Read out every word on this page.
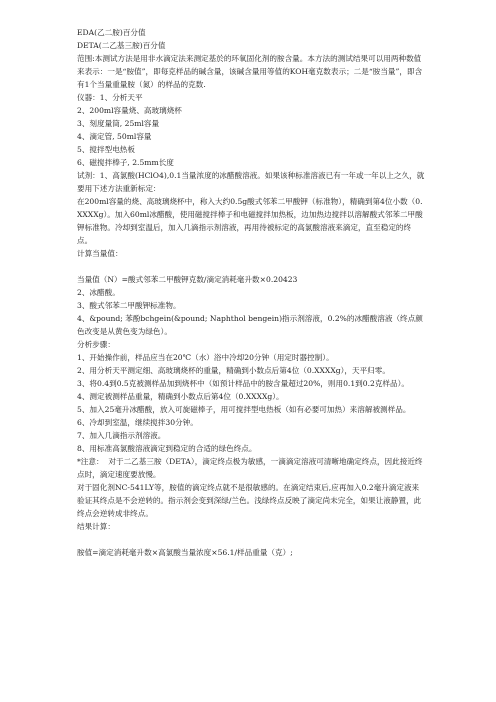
EDA(乙二胺)百分值
DETA(二乙基三胺)百分值
范围:本测试方法是用非水滴定法来测定基於的环氧固化剂的胺含量。本方法的测试结果可以用两种数值来表示：一是“胺值”，即每克样品的碱含量，该碱含量用等值的KOH毫克数表示；二是“胺当量”，即含有1个当量重量胺（氮）的样品的克数.
仪器：1、分析天平
2、200ml容量烧、高玻璃烧杯
3、刻度量筒, 25ml容量
4、滴定管, 50ml容量
5、搅拌型电热板
6、磁搅拌棒子, 2.5mm长度
试剂：1、高氯酸(HClO4),0.1当量浓度的冰醋酸溶液。如果该种标准溶液已有一年或一年以上之久，就要用下述方法重新标定：
在200ml容量的烧、高玻璃烧杯中，称入大约0.5g酸式邻苯二甲酸钾（标准物），精确到第4位小数（0.XXXXg）。加入60ml冰醋酸，使用磁搅拌棒子和电磁搅拌加热板，边加热边搅拌以溶解酸式邻苯二甲酸钾标准物。冷却到室温后，加入几滴指示剂溶液，再用待被标定的高氯酸溶液来滴定，直至稳定的终点。
计算当量值：
当量值（N）=酸式邻苯二甲酸钾克数/滴定消耗毫升数×0.20423
2、冰醋酸。
3、酸式邻苯二甲酸钾标准物。
4、&pound; 苯酚bchgein(&pound; Naphthol bengein)指示剂溶液，0.2%的冰醋酸溶液（终点颜色改变是从黄色变为绿色）。
分析步骤：
1、开始操作前，样品应当在20℃（水）浴中冷却20分钟（用定时器控制）。
2、用分析天平测定细、高玻璃烧杯的重量，精确到小数点后第4位（0.XXXXg），天平归零。
3、将0.4到0.5克被测样品加到烧杯中（如预计样品中的胺含量超过20%，则用0.1到0.2克样品）。
4、测定被测样品重量，精确到小数点后第4位（0.XXXXg）。
5、加入25毫升冰醋酸，放入可旋磁棒子，用可搅拌型电热板（如有必要可加热）来溶解被测样品。
6、冷却到室温，继续搅拌30分钟。
7、加入几滴指示剂溶液。
8、用标准高氯酸溶液滴定到稳定的合适的绿色终点。
*注意：  对于二乙基三胺（DETA），滴定终点极为敏感，一滴滴定溶液可清晰地确定终点，因此接近终点时，滴定速度要放慢。
对于固化剂NC-541LY等，胺值的滴定终点就不是很敏感的。在滴定结束后,应再加入0.2毫升滴定液来验证其终点是不会逆转的。指示剂会变到深绿/兰色。浅绿终点反映了滴定尚未完全，如果让液静置，此终点会逆转成非终点。
结果计算：
胺值=滴定消耗毫升数×高氯酸当量浓度×56.1/样品重量（克）;
